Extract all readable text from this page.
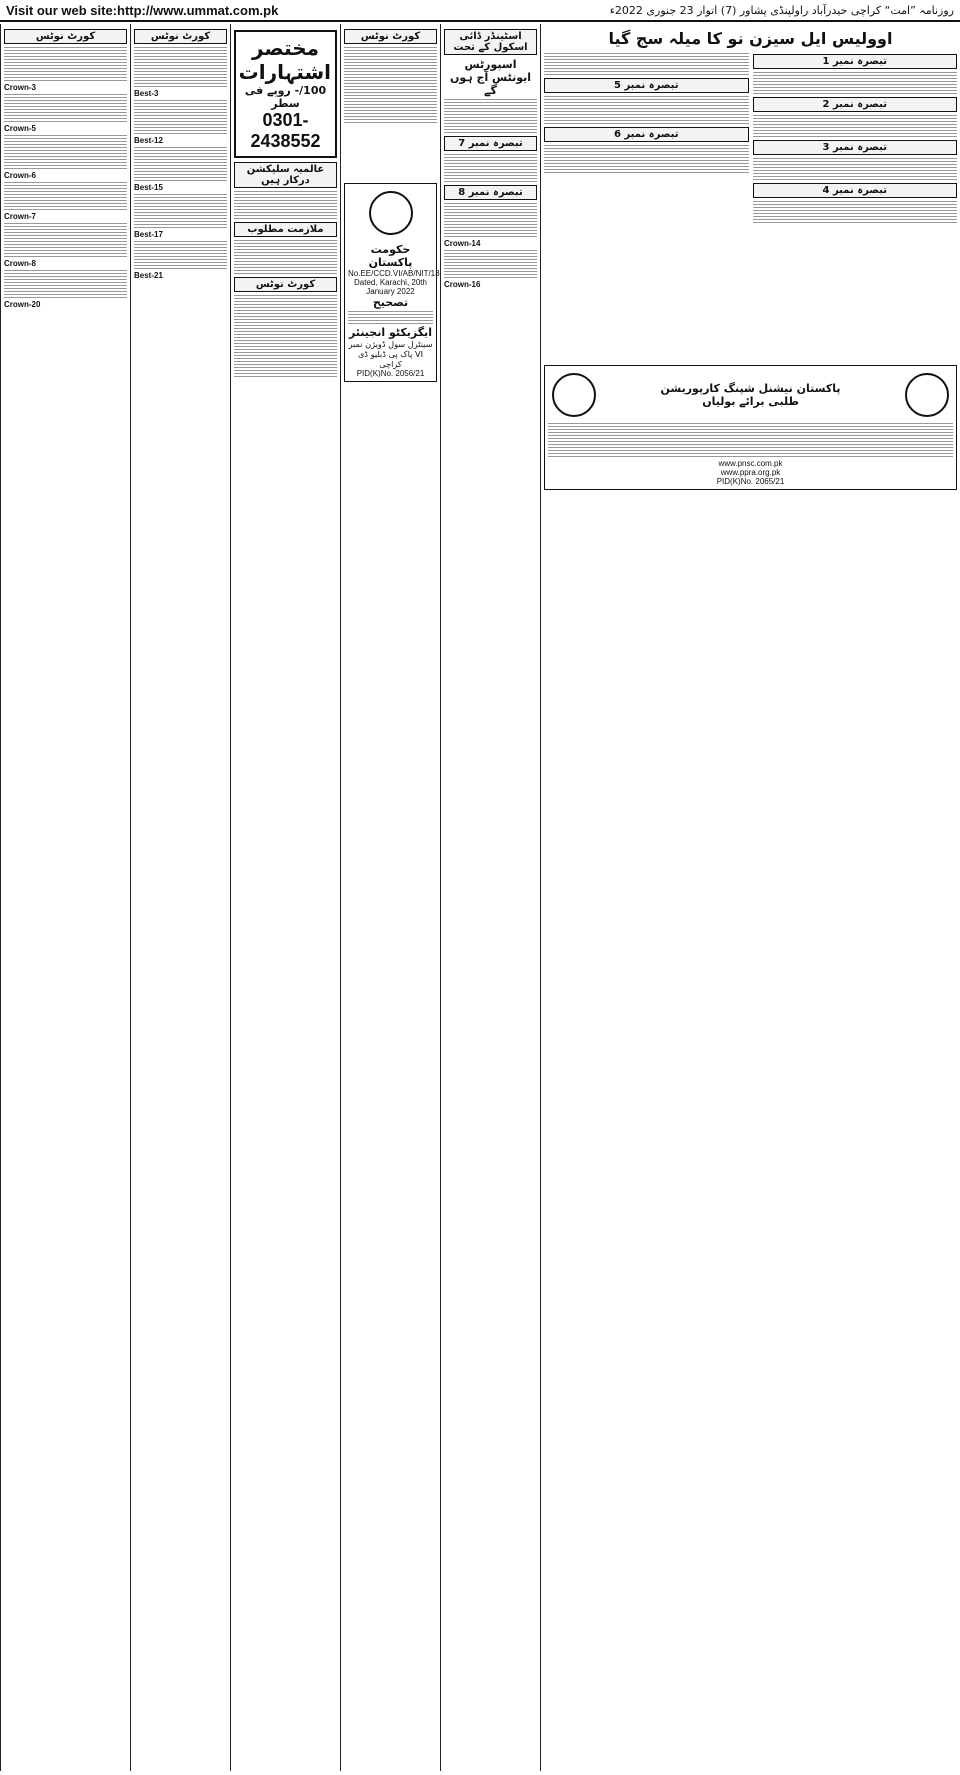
Visit our web site:http://www.ummat.com.pk	روزنامہ ”امت“ کراچی حیدرآباد راولپنڈی پشاور (7) اتوار 23 جنوری 2022ء
کورٹ نوٹس
Crown-3
Crown-5
Crown-6
Crown-7
Crown-8
Crown-20
کورٹ نوٹس
Best-3
Best-12
Best-15
Best-17
Best-21
مختصر اشتہارات
100/- روپے فی سطر
0301-2438552
عالمیہ سلیکشن درکار ہیں
ملازمت مطلوب
کورٹ نوٹس
کورٹ نوٹس
حکومت پاکستان
No.EE/CCD.VI/AB/NIT/13
Dated, Karachi, 20th January 2022
تصحیح
ایگزیکٹو انجینئر
سینٹرل سول ڈویژن نمبر VI پاک پی ڈبلیو ڈی کراچی
PID(K)No. 2056/21
اسٹینڈر ڈائی اسکول کے تحت
اسپورٹس ایونٹس آج ہوں گے
تبصرہ نمبر 7
تبصرہ نمبر 8
Crown-14
Crown-16
اوولیس ایل سیزن نو کا میلہ سج گیا
تبصرہ نمبر 5
تبصرہ نمبر 6
تبصرہ نمبر 1
تبصرہ نمبر 2
تبصرہ نمبر 3
تبصرہ نمبر 4
پاکستان نیشنل شپنگ کارپوریشن
طلبی برائے بولیاں
www.pnsc.com.pk
www.ppra.org.pk
PID(K)No. 2065/21
